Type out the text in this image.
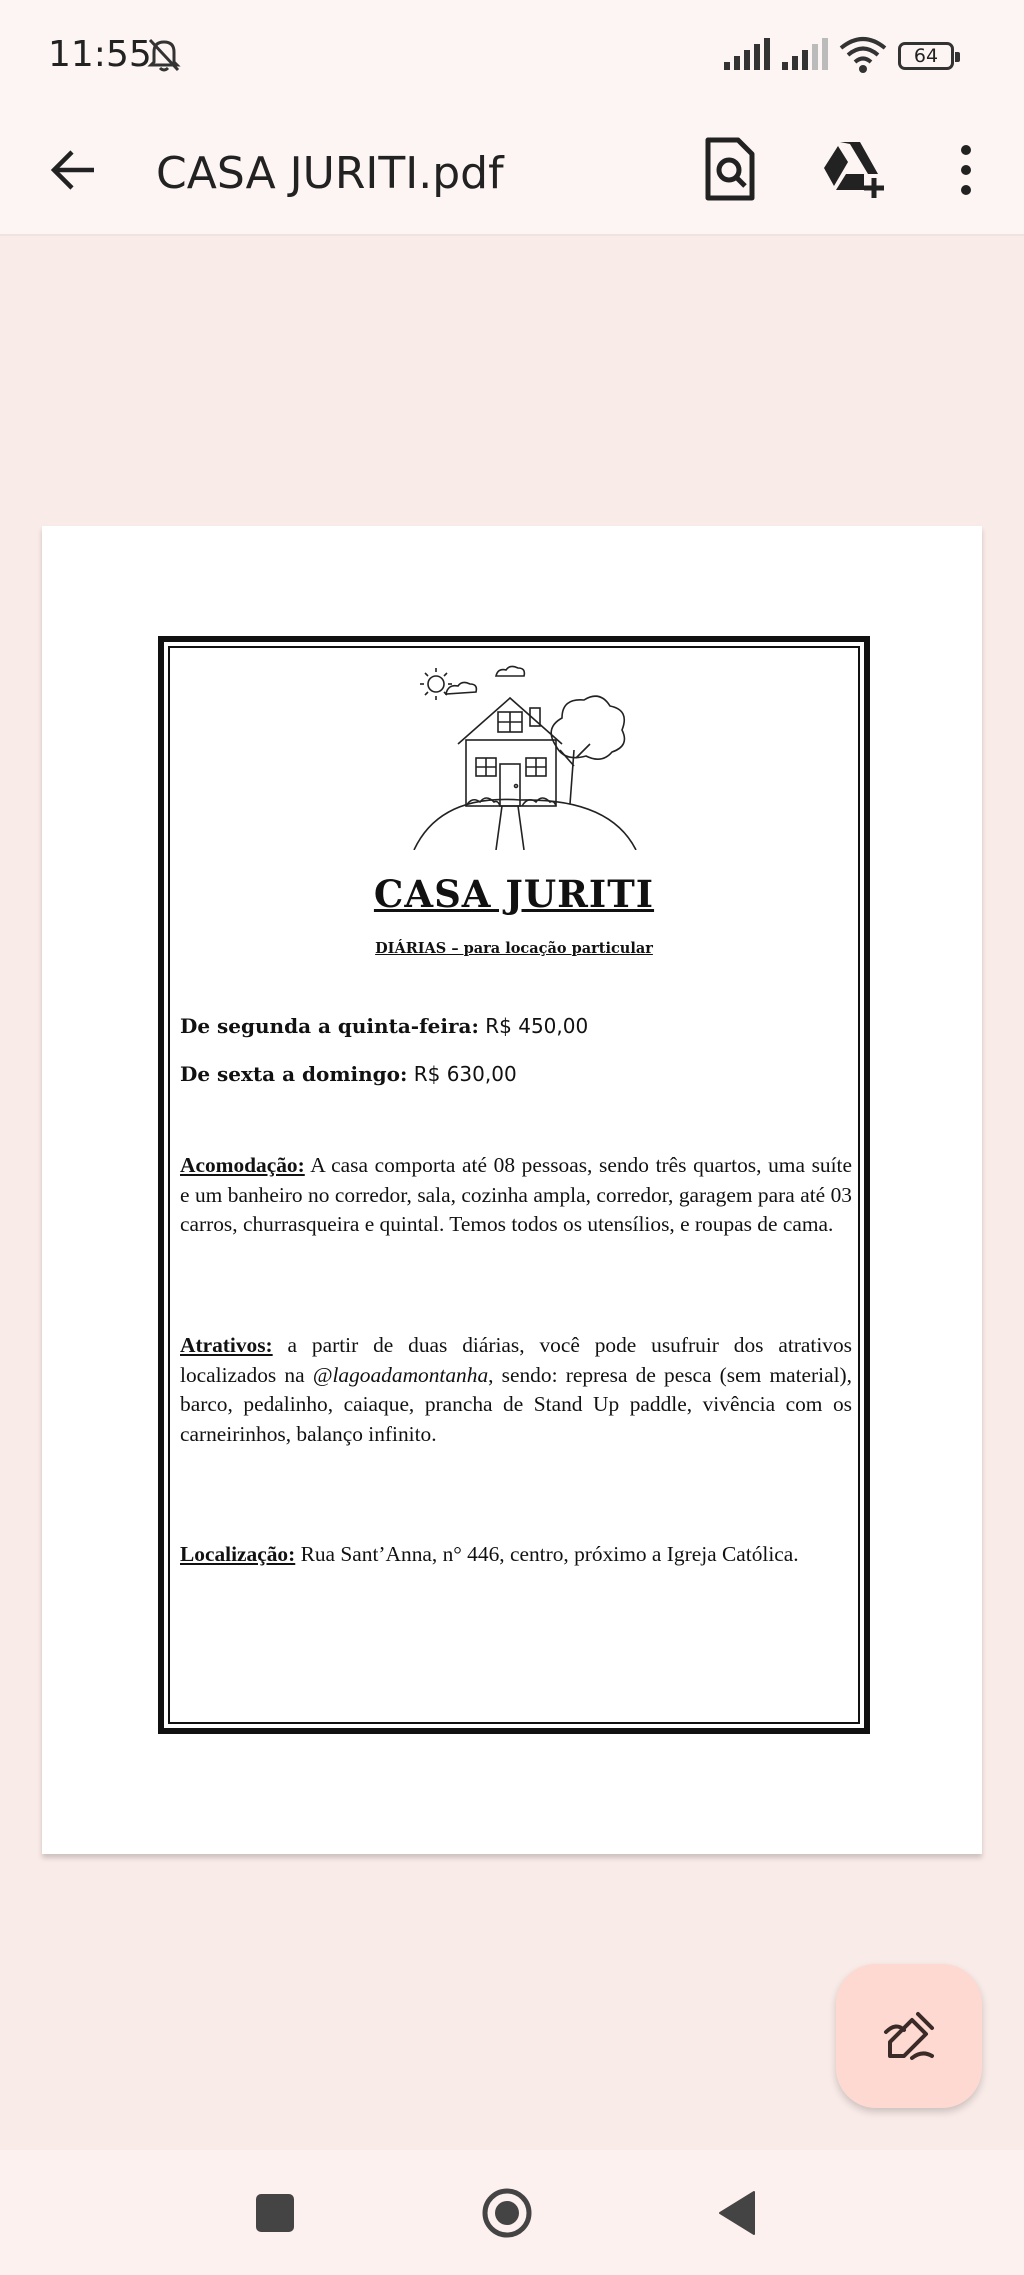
11:55	64
CASA JURITI.pdf
CASA JURITI
DIÁRIAS – para locação particular
De segunda a quinta-feira: R$ 450,00
De sexta a domingo: R$ 630,00
Acomodação: A casa comporta até 08 pessoas, sendo três quartos, uma suíte e um banheiro no corredor, sala, cozinha ampla, corredor, garagem para até 03 carros, churrasqueira e quintal. Temos todos os utensílios, e roupas de cama.
Atrativos: a partir de duas diárias, você pode usufruir dos atrativos localizados na @lagoadamontanha, sendo: represa de pesca (sem material), barco, pedalinho, caiaque, prancha de Stand Up paddle, vivência com os carneirinhos, balanço infinito.
Localização: Rua Sant’Anna, n° 446, centro, próximo a Igreja Católica.
